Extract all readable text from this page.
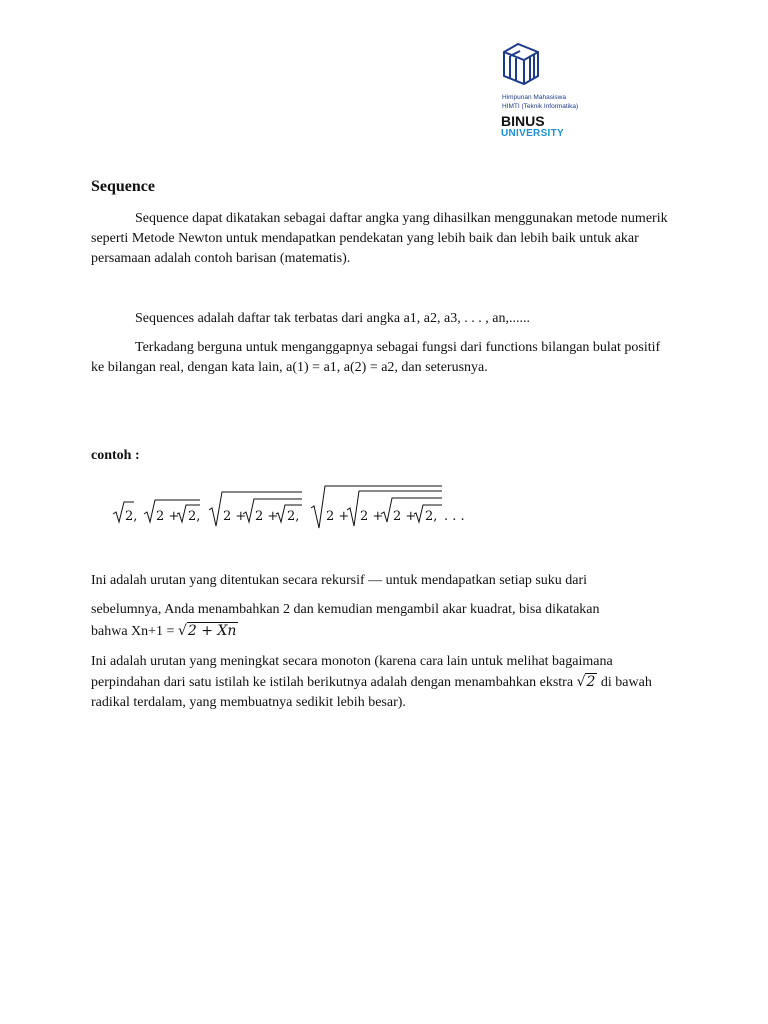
Himpunan Mahasiswa
HIMTI (Teknik Informatika)
BINUS
UNIVERSITY
Sequence

Sequence dapat dikatakan sebagai daftar angka yang dihasilkan menggunakan metode numerik seperti Metode Newton untuk mendapatkan pendekatan yang lebih baik dan lebih baik untuk akar persamaan adalah contoh barisan (matematis).

Sequences adalah daftar tak terbatas dari angka a1, a2, a3, . . . , an,......

Terkadang berguna untuk menganggapnya sebagai fungsi dari functions bilangan bulat positif ke bilangan real, dengan kata lain, a(1) = a1, a(2) = a2, dan seterusnya.

contoh :

2, 2 + 2, 2 + 2 + 2, 2 + 2 + 2 + 2, . . .

Ini adalah urutan yang ditentukan secara rekursif — untuk mendapatkan setiap suku dari

sebelumnya, Anda menambahkan 2 dan kemudian mengambil akar kuadrat, bisa dikatakan

bahwa Xn+1 = √2 + Xn

Ini adalah urutan yang meningkat secara monoton (karena cara lain untuk melihat bagaimana perpindahan dari satu istilah ke istilah berikutnya adalah dengan menambahkan ekstra √2 di bawah radikal terdalam, yang membuatnya sedikit lebih besar).
